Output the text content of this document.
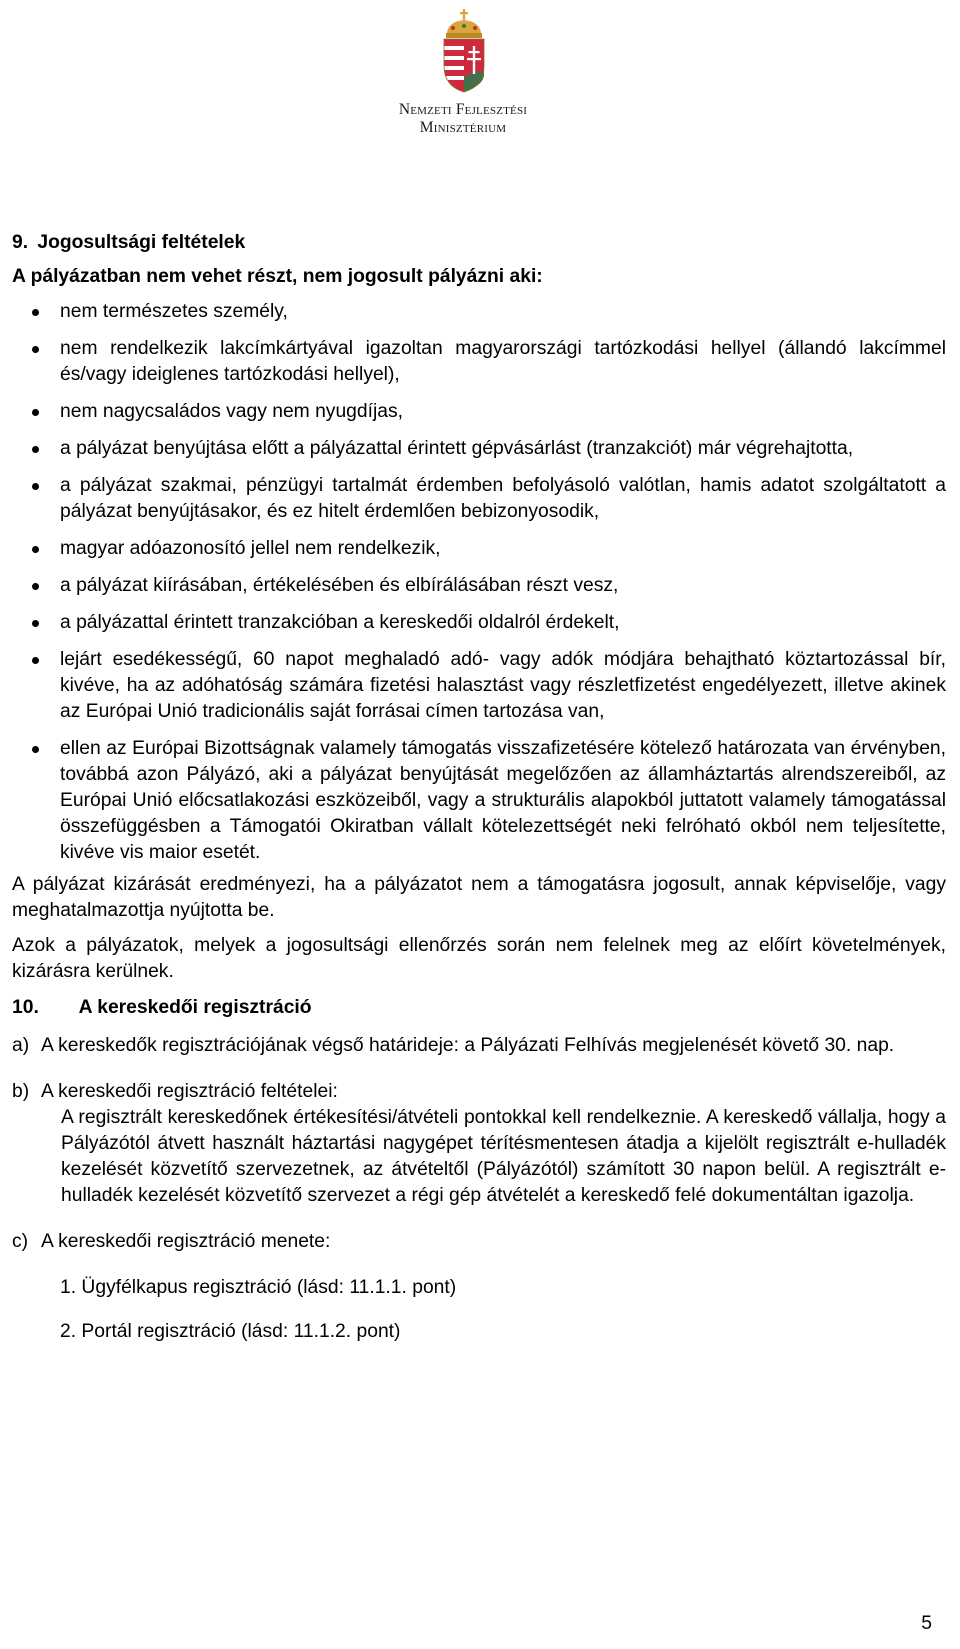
Nemzeti Fejlesztési
Minisztérium
9. Jogosultsági feltételek
A pályázatban nem vehet részt, nem jogosult pályázni aki:
nem természetes személy,
nem rendelkezik lakcímkártyával igazoltan magyarországi tartózkodási hellyel (állandó lakcímmel és/vagy ideiglenes tartózkodási hellyel),
nem nagycsaládos vagy nem nyugdíjas,
a pályázat benyújtása előtt a pályázattal érintett gépvásárlást (tranzakciót) már végrehajtotta,
a pályázat szakmai, pénzügyi tartalmát érdemben befolyásoló valótlan, hamis adatot szolgáltatott a pályázat benyújtásakor, és ez hitelt érdemlően bebizonyosodik,
magyar adóazonosító jellel nem rendelkezik,
a pályázat kiírásában, értékelésében és elbírálásában részt vesz,
a pályázattal érintett tranzakcióban a kereskedői oldalról érdekelt,
lejárt esedékességű, 60 napot meghaladó adó- vagy adók módjára behajtható köztartozással bír, kivéve, ha az adóhatóság számára fizetési halasztást vagy részletfizetést engedélyezett, illetve akinek az Európai Unió tradicionális saját forrásai címen tartozása van,
ellen az Európai Bizottságnak valamely támogatás visszafizetésére kötelező határozata van érvényben, továbbá azon Pályázó, aki a pályázat benyújtását megelőzően az államháztartás alrendszereiből, az Európai Unió előcsatlakozási eszközeiből, vagy a strukturális alapokból juttatott valamely támogatással összefüggésben a Támogatói Okiratban vállalt kötelezettségét neki felróható okból nem teljesítette, kivéve vis maior esetét.

A pályázat kizárását eredményezi, ha a pályázatot nem a támogatásra jogosult, annak képviselője, vagy meghatalmazottja nyújtotta be.

Azok a pályázatok, melyek a jogosultsági ellenőrzés során nem felelnek meg az előírt követelmények, kizárásra kerülnek.

10. A kereskedői regisztráció
a) A kereskedők regisztrációjának végső határideje: a Pályázati Felhívás megjelenését követő 30. nap.
b) A kereskedői regisztráció feltételei:
A regisztrált kereskedőnek értékesítési/átvételi pontokkal kell rendelkeznie. A kereskedő vállalja, hogy a Pályázótól átvett használt háztartási nagygépet térítésmentesen átadja a kijelölt regisztrált e-hulladék kezelését közvetítő szervezetnek, az átvételtől (Pályázótól) számított 30 napon belül. A regisztrált e-hulladék kezelését közvetítő szervezet a régi gép átvételét a kereskedő felé dokumentáltan igazolja.
c) A kereskedői regisztráció menete:
1. Ügyfélkapus regisztráció (lásd: 11.1.1. pont)
2. Portál regisztráció (lásd: 11.1.2. pont)
5
